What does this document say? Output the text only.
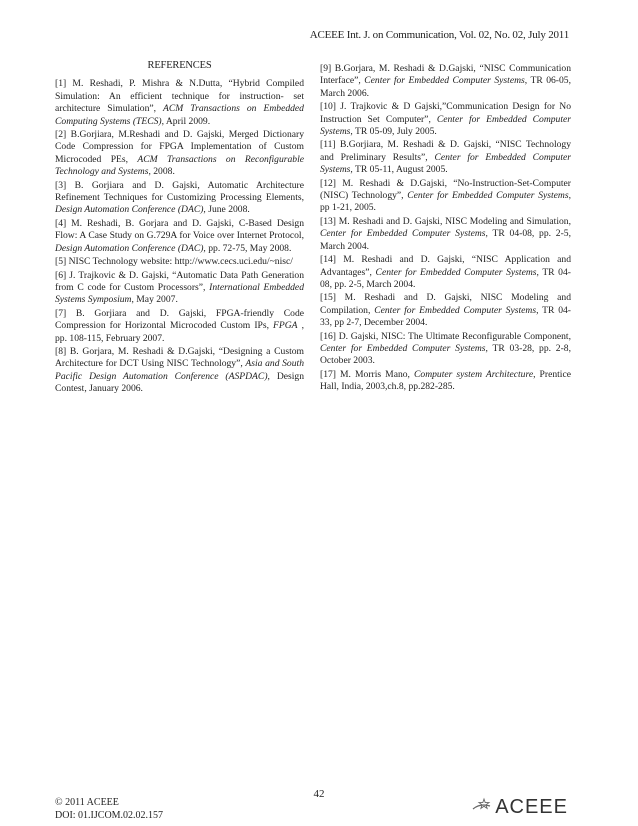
ACEEE Int. J. on Communication, Vol. 02, No. 02, July 2011
REFERENCES
[1] M. Reshadi, P. Mishra & N.Dutta, “Hybrid Compiled Simulation: An efficient technique for instruction- set architecture Simulation”, ACM Transactions on Embedded Computing Systems (TECS), April 2009.
[2] B.Gorjiara, M.Reshadi and D. Gajski, Merged Dictionary Code Compression for FPGA Implementation of Custom Microcoded PEs, ACM Transactions on Reconfigurable Technology and Systems, 2008.
[3] B. Gorjiara and D. Gajski, Automatic Architecture Refinement Techniques for Customizing Processing Elements, Design Automation Conference (DAC), June 2008.
[4] M. Reshadi, B. Gorjara and D. Gajski, C-Based Design Flow: A Case Study on G.729A for Voice over Internet Protocol, Design Automation Conference (DAC), pp. 72-75, May 2008.
[5] NISC Technology website: http://www.cecs.uci.edu/~nisc/
[6] J. Trajkovic & D. Gajski, “Automatic Data Path Generation from C code for Custom Processors”, International Embedded Systems Symposium, May 2007.
[7] B. Gorjiara and D. Gajski, FPGA-friendly Code Compression for Horizontal Microcoded Custom IPs, FPGA , pp. 108-115, February 2007.
[8] B. Gorjara, M. Reshadi & D.Gajski, “Designing a Custom Architecture for DCT Using NISC Technology”, Asia and South Pacific Design Automation Conference (ASPDAC), Design Contest, January 2006.
[9] B.Gorjara, M. Reshadi & D.Gajski, “NISC Communication Interface”, Center for Embedded Computer Systems, TR 06-05, March 2006.
[10] J. Trajkovic & D Gajski,”Communication Design for No Instruction Set Computer”, Center for Embedded Computer Systems, TR 05-09, July 2005.
[11] B.Gorjiara, M. Reshadi & D. Gajski, “NISC Technology and Preliminary Results”, Center for Embedded Computer Systems, TR 05-11, August 2005.
[12] M. Reshadi & D.Gajski, “No-Instruction-Set-Computer (NISC) Technology”, Center for Embedded Computer Systems, pp 1-21, 2005.
[13] M. Reshadi and D. Gajski, NISC Modeling and Simulation, Center for Embedded Computer Systems, TR 04-08, pp. 2-5, March 2004.
[14] M. Reshadi and D. Gajski, “NISC Application and Advantages”, Center for Embedded Computer Systems, TR 04-08, pp. 2-5, March 2004.
[15] M. Reshadi and D. Gajski, NISC Modeling and Compilation, Center for Embedded Computer Systems, TR 04-33, pp 2-7, December 2004.
[16] D. Gajski, NISC: The Ultimate Reconfigurable Component, Center for Embedded Computer Systems, TR 03-28, pp. 2-8, October 2003.
[17] M. Morris Mano, Computer system Architecture, Prentice Hall, India, 2003,ch.8, pp.282-285.
42
© 2011 ACEEE
DOI: 01.IJCOM.02.02.157	ACEEE
